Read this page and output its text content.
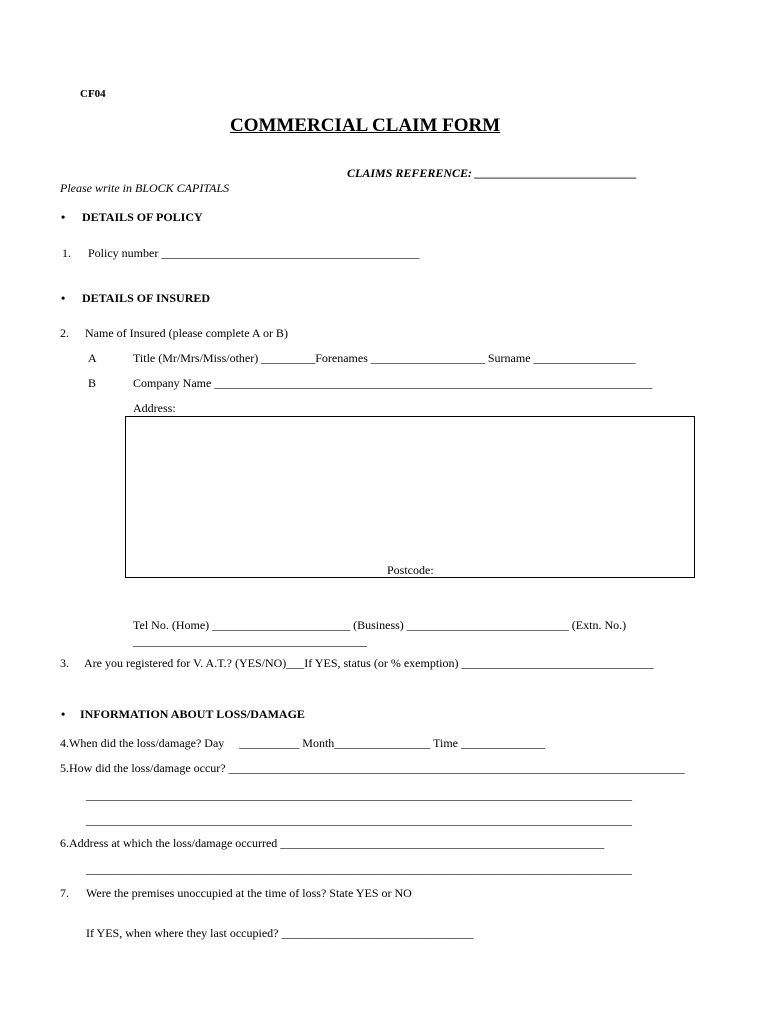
CF04
COMMERCIAL CLAIM FORM
CLAIMS REFERENCE: ___________________________
Please write in BLOCK CAPITALS
• DETAILS OF POLICY
1. Policy number ___________________________________________
• DETAILS OF INSURED
2. Name of Insured (please complete A or B)
A	Title (Mr/Mrs/Miss/other) _________Forenames ___________________ Surname _________________
B	Company Name _________________________________________________________________________
Address:
Postcode:
Tel No. (Home) _______________________ (Business) ___________________________ (Extn. No.)
_______________________________________
3. Are you registered for V. A.T.? (YES/NO)___If YES, status (or % exemption) ________________________________
• INFORMATION ABOUT LOSS/DAMAGE
4.When did the loss/damage? Day     __________ Month________________ Time ______________
5.How did the loss/damage occur? ____________________________________________________________________________
___________________________________________________________________________________________
___________________________________________________________________________________________
6.Address at which the loss/damage occurred ______________________________________________________
___________________________________________________________________________________________
7. Were the premises unoccupied at the time of loss? State YES or NO
If YES, when where they last occupied? ________________________________
